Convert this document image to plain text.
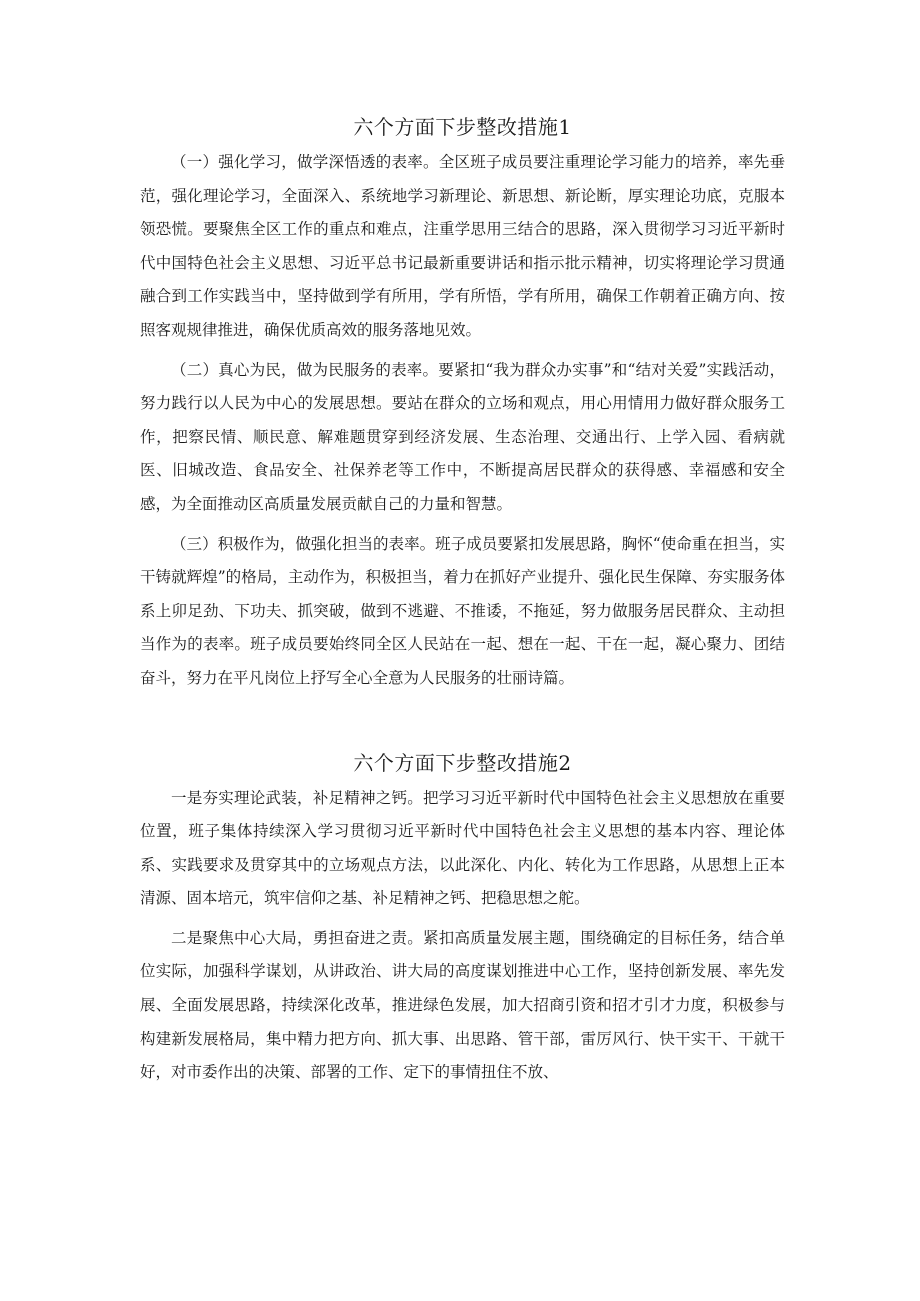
六个方面下步整改措施1

（一）强化学习，做学深悟透的表率。全区班子成员要注重理论学习能力的培养，率先垂范，强化理论学习，全面深入、系统地学习新理论、新思想、新论断，厚实理论功底，克服本领恐慌。要聚焦全区工作的重点和难点，注重学思用三结合的思路，深入贯彻学习习近平新时代中国特色社会主义思想、习近平总书记最新重要讲话和指示批示精神，切实将理论学习贯通融合到工作实践当中，坚持做到学有所用，学有所悟，学有所用，确保工作朝着正确方向、按照客观规律推进，确保优质高效的服务落地见效。

（二）真心为民，做为民服务的表率。要紧扣“我为群众办实事”和“结对关爱”实践活动，努力践行以人民为中心的发展思想。要站在群众的立场和观点，用心用情用力做好群众服务工作，把察民情、顺民意、解难题贯穿到经济发展、生态治理、交通出行、上学入园、看病就医、旧城改造、食品安全、社保养老等工作中，不断提高居民群众的获得感、幸福感和安全感，为全面推动区高质量发展贡献自己的力量和智慧。

（三）积极作为，做强化担当的表率。班子成员要紧扣发展思路，胸怀“使命重在担当，实干铸就辉煌”的格局，主动作为，积极担当，着力在抓好产业提升、强化民生保障、夯实服务体系上卯足劲、下功夫、抓突破，做到不逃避、不推诿，不拖延，努力做服务居民群众、主动担当作为的表率。班子成员要始终同全区人民站在一起、想在一起、干在一起，凝心聚力、团结奋斗，努力在平凡岗位上抒写全心全意为人民服务的壮丽诗篇。

六个方面下步整改措施2

一是夯实理论武装，补足精神之钙。把学习习近平新时代中国特色社会主义思想放在重要位置，班子集体持续深入学习贯彻习近平新时代中国特色社会主义思想的基本内容、理论体系、实践要求及贯穿其中的立场观点方法，以此深化、内化、转化为工作思路，从思想上正本清源、固本培元，筑牢信仰之基、补足精神之钙、把稳思想之舵。

二是聚焦中心大局，勇担奋进之责。紧扣高质量发展主题，围绕确定的目标任务，结合单位实际，加强科学谋划，从讲政治、讲大局的高度谋划推进中心工作，坚持创新发展、率先发展、全面发展思路，持续深化改革，推进绿色发展，加大招商引资和招才引才力度，积极参与构建新发展格局，集中精力把方向、抓大事、出思路、管干部，雷厉风行、快干实干、干就干好，对市委作出的决策、部署的工作、定下的事情扭住不放、
